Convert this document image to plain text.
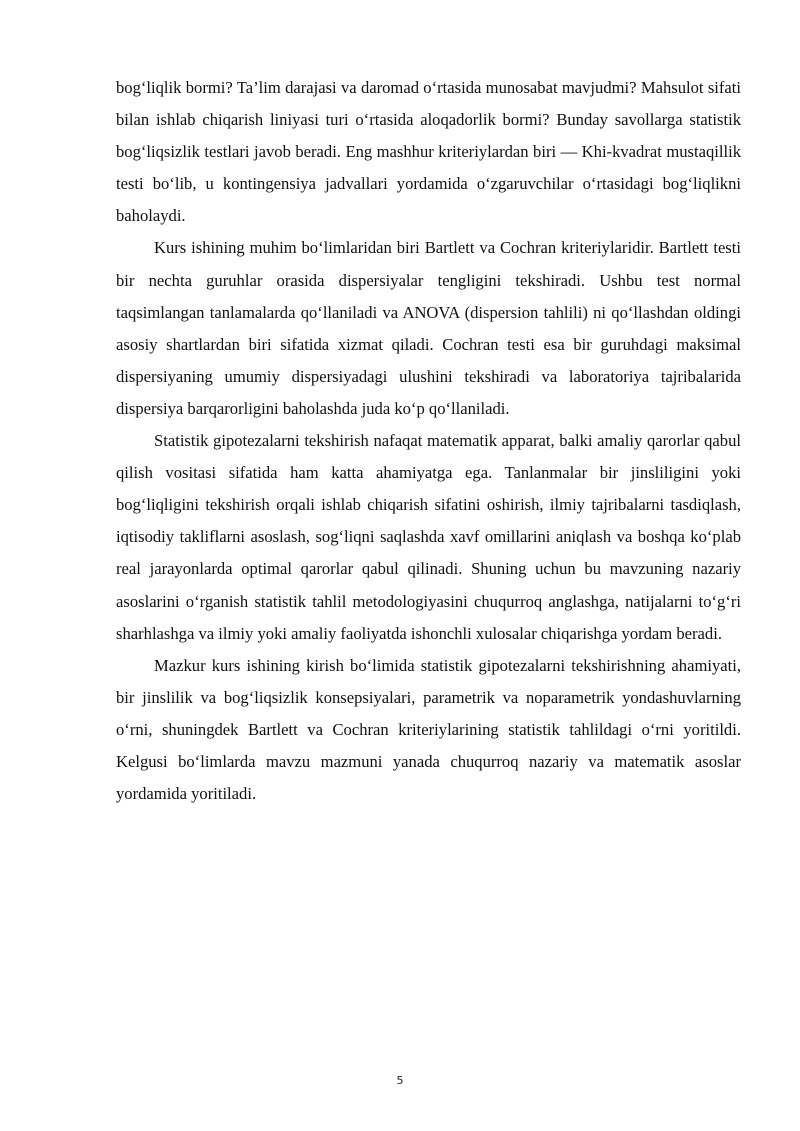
bog‘liqlik bormi? Ta’lim darajasi va daromad o‘rtasida munosabat mavjudmi? Mahsulot sifati bilan ishlab chiqarish liniyasi turi o‘rtasida aloqadorlik bormi? Bunday savollarga statistik bog‘liqsizlik testlari javob beradi. Eng mashhur kriteriylardan biri — Khi-kvadrat mustaqillik testi bo‘lib, u kontingensiya jadvallari yordamida o‘zgaruvchilar o‘rtasidagi bog‘liqlikni baholaydi.

Kurs ishining muhim bo‘limlaridan biri Bartlett va Cochran kriteriylaridir. Bartlett testi bir nechta guruhlar orasida dispersiyalar tengligini tekshiradi. Ushbu test normal taqsimlangan tanlamalarda qo‘llaniladi va ANOVA (dispersion tahlili) ni qo‘llashdan oldingi asosiy shartlardan biri sifatida xizmat qiladi. Cochran testi esa bir guruhdagi maksimal dispersiyaning umumiy dispersiyadagi ulushini tekshiradi va laboratoriya tajribalarida dispersiya barqarorligini baholashda juda ko‘p qo‘llaniladi.

Statistik gipotezalarni tekshirish nafaqat matematik apparat, balki amaliy qarorlar qabul qilish vositasi sifatida ham katta ahamiyatga ega. Tanlanmalar bir jinsliligini yoki bog‘liqligini tekshirish orqali ishlab chiqarish sifatini oshirish, ilmiy tajribalarni tasdiqlash, iqtisodiy takliflarni asoslash, sog‘liqni saqlashda xavf omillarini aniqlash va boshqa ko‘plab real jarayonlarda optimal qarorlar qabul qilinadi. Shuning uchun bu mavzuning nazariy asoslarini o‘rganish statistik tahlil metodologiyasini chuqurroq anglashga, natijalarni to‘g‘ri sharhlashga va ilmiy yoki amaliy faoliyatda ishonchli xulosalar chiqarishga yordam beradi.

Mazkur kurs ishining kirish bo‘limida statistik gipotezalarni tekshirishning ahamiyati, bir jinslilik va bog‘liqsizlik konsepsiyalari, parametrik va noparametrik yondashuvlarning o‘rni, shuningdek Bartlett va Cochran kriteriylarining statistik tahlildagi o‘rni yoritildi. Kelgusi bo‘limlarda mavzu mazmuni yanada chuqurroq nazariy va matematik asoslar yordamida yoritiladi.

5
